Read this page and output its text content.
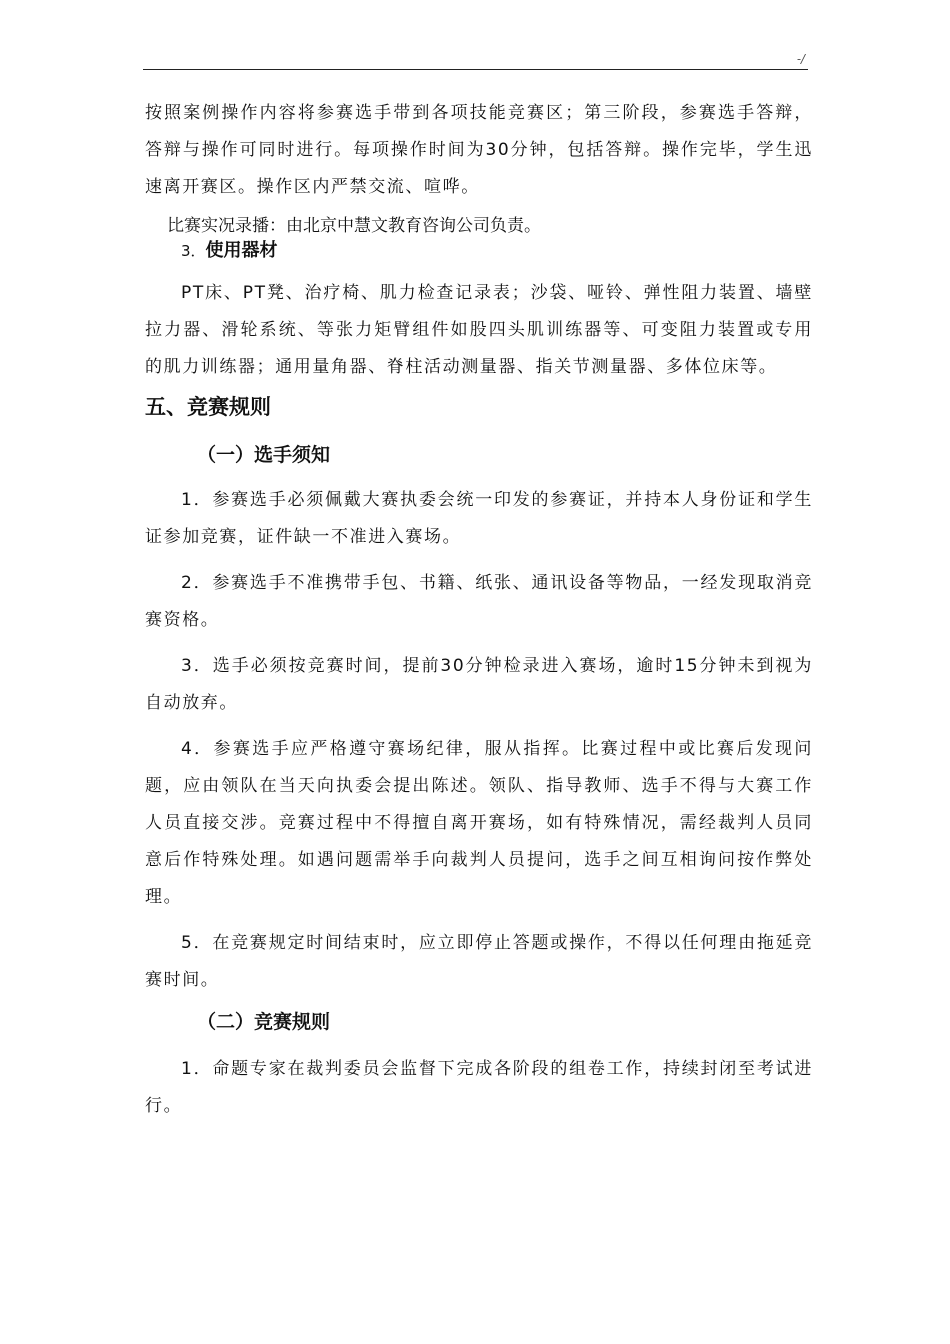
-/

按照案例操作内容将参赛选手带到各项技能竞赛区；第三阶段，参赛选手答辩，答辩与操作可同时进行。每项操作时间为30分钟，包括答辩。操作完毕，学生迅速离开赛区。操作区内严禁交流、喧哗。

比赛实况录播：由北京中慧文教育咨询公司负责。

3．使用器材

PT床、PT凳、治疗椅、肌力检查记录表；沙袋、哑铃、弹性阻力装置、墙壁拉力器、滑轮系统、等张力矩臂组件如股四头肌训练器等、可变阻力装置或专用的肌力训练器；通用量角器、脊柱活动测量器、指关节测量器、多体位床等。

五、竞赛规则
（一）选手须知

1．参赛选手必须佩戴大赛执委会统一印发的参赛证，并持本人身份证和学生证参加竞赛，证件缺一不准进入赛场。

2．参赛选手不准携带手包、书籍、纸张、通讯设备等物品，一经发现取消竞赛资格。

3．选手必须按竞赛时间，提前30分钟检录进入赛场，逾时15分钟未到视为自动放弃。

4．参赛选手应严格遵守赛场纪律，服从指挥。比赛过程中或比赛后发现问题，应由领队在当天向执委会提出陈述。领队、指导教师、选手不得与大赛工作人员直接交涉。竞赛过程中不得擅自离开赛场，如有特殊情况，需经裁判人员同意后作特殊处理。如遇问题需举手向裁判人员提问，选手之间互相询问按作弊处理。

5．在竞赛规定时间结束时，应立即停止答题或操作，不得以任何理由拖延竞赛时间。

（二）竞赛规则

1．命题专家在裁判委员会监督下完成各阶段的组卷工作，持续封闭至考试进行。
